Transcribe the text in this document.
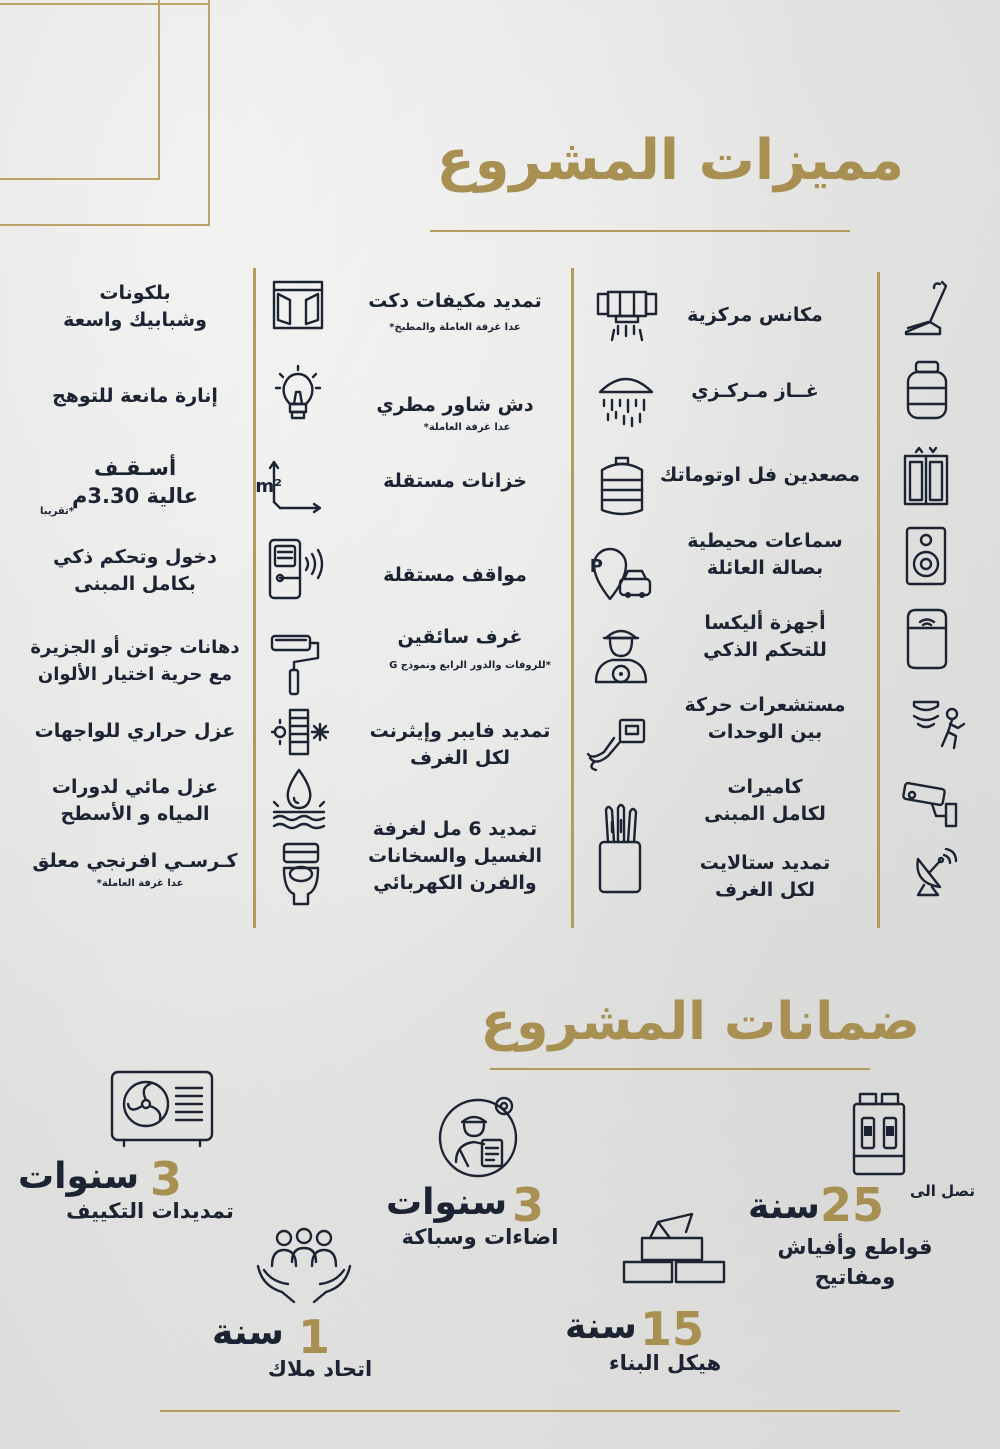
مميزات المشروع
مكانس مركزية
غــاز مـركـزي
مصعدين فل اوتوماتك
سماعات محيطية
بصالة العائلة
أجهزة أليكسا
للتحكم الذكي
مستشعرات حركة
بين الوحدات
كاميرات
لكامل المبنى
تمديد ستالايت
لكل الغرف
P
تمديد مكيفات دكت
عدا غرفة العاملة والمطبخ*
دش شاور مطري
عدا غرفة العاملة*
خزانات مستقلة
مواقف مستقلة
غرف سائقين
*للروفات والدور الرابع ونموذج G
تمديد فايبر وإيثرنت
لكل الغرف
تمديد 6 مل لغرفة
الغسيل والسخانات
والفرن الكهربائي
m²
بلكونات
وشبابيك واسعة
إنارة مانعة للتوهج
أسـقـف
عالية 3.30م
*تقريبا
دخول وتحكم ذكي
بكامل المبنى
دهانات جوتن أو الجزيرة
مع حرية اختيار الألوان
عزل حراري للواجهات
عزل مائي لدورات
المياه و الأسطح
كـرسـي افرنجي معلق
عدا غرفة العاملة*
ضمانات المشروع
تصل الى
25
سنة
قواطع وأفياش
ومفاتيح
3
سنوات
اضاءات وسباكة
3
سنوات
تمديدات التكييف
15
سنة
هيكل البناء
1
سنة
اتحاد ملاك
